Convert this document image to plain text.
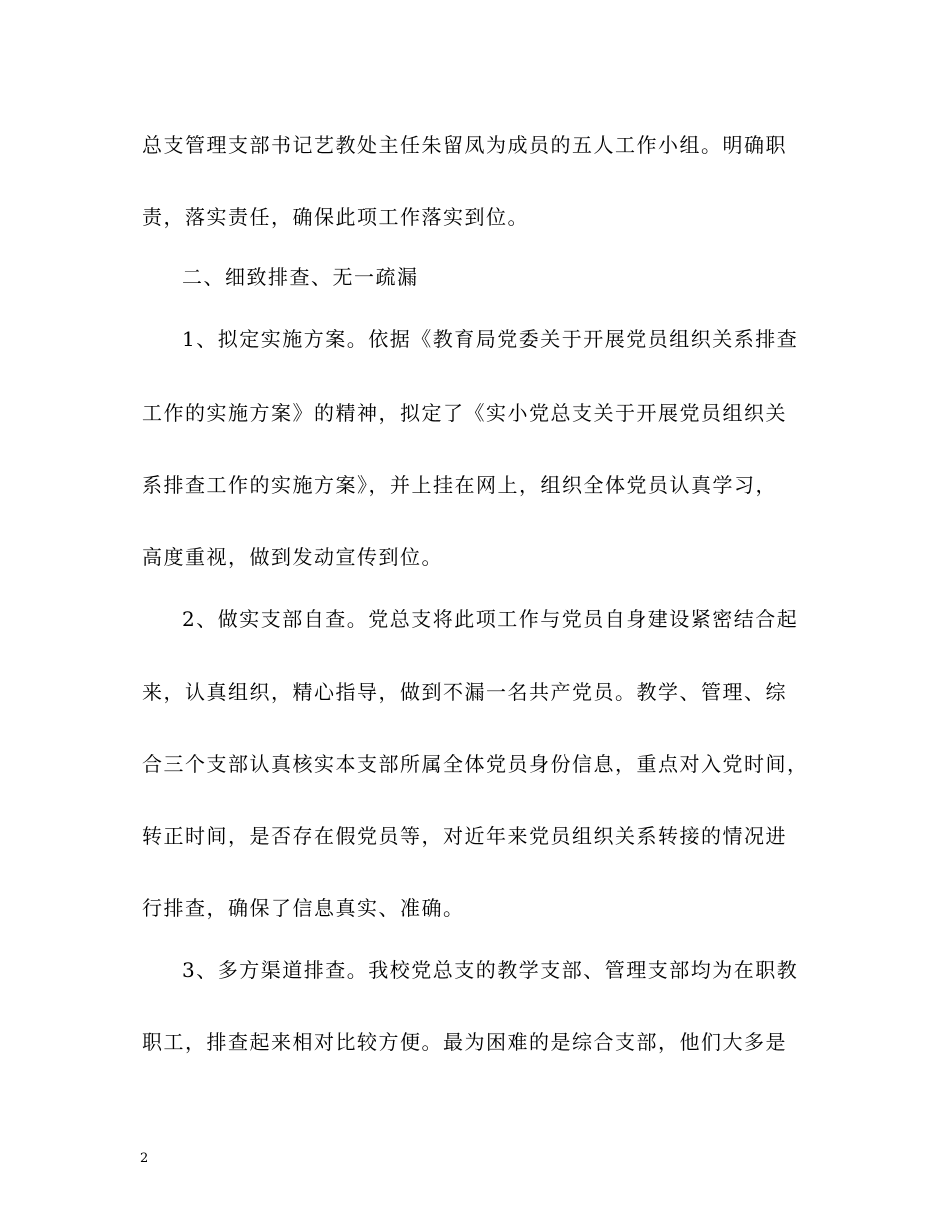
总支管理支部书记艺教处主任朱留凤为成员的五人工作小组。明确职
责，落实责任，确保此项工作落实到位。
二、细致排查、无一疏漏
1、拟定实施方案。依据《教育局党委关于开展党员组织关系排查
工作的实施方案》的精神，拟定了《实小党总支关于开展党员组织关
系排查工作的实施方案》，并上挂在网上，组织全体党员认真学习，
高度重视，做到发动宣传到位。
2、做实支部自查。党总支将此项工作与党员自身建设紧密结合起
来，认真组织，精心指导，做到不漏一名共产党员。教学、管理、综
合三个支部认真核实本支部所属全体党员身份信息，重点对入党时间，
转正时间，是否存在假党员等，对近年来党员组织关系转接的情况进
行排查，确保了信息真实、准确。
3、多方渠道排查。我校党总支的教学支部、管理支部均为在职教
职工，排查起来相对比较方便。最为困难的是综合支部，他们大多是
2
